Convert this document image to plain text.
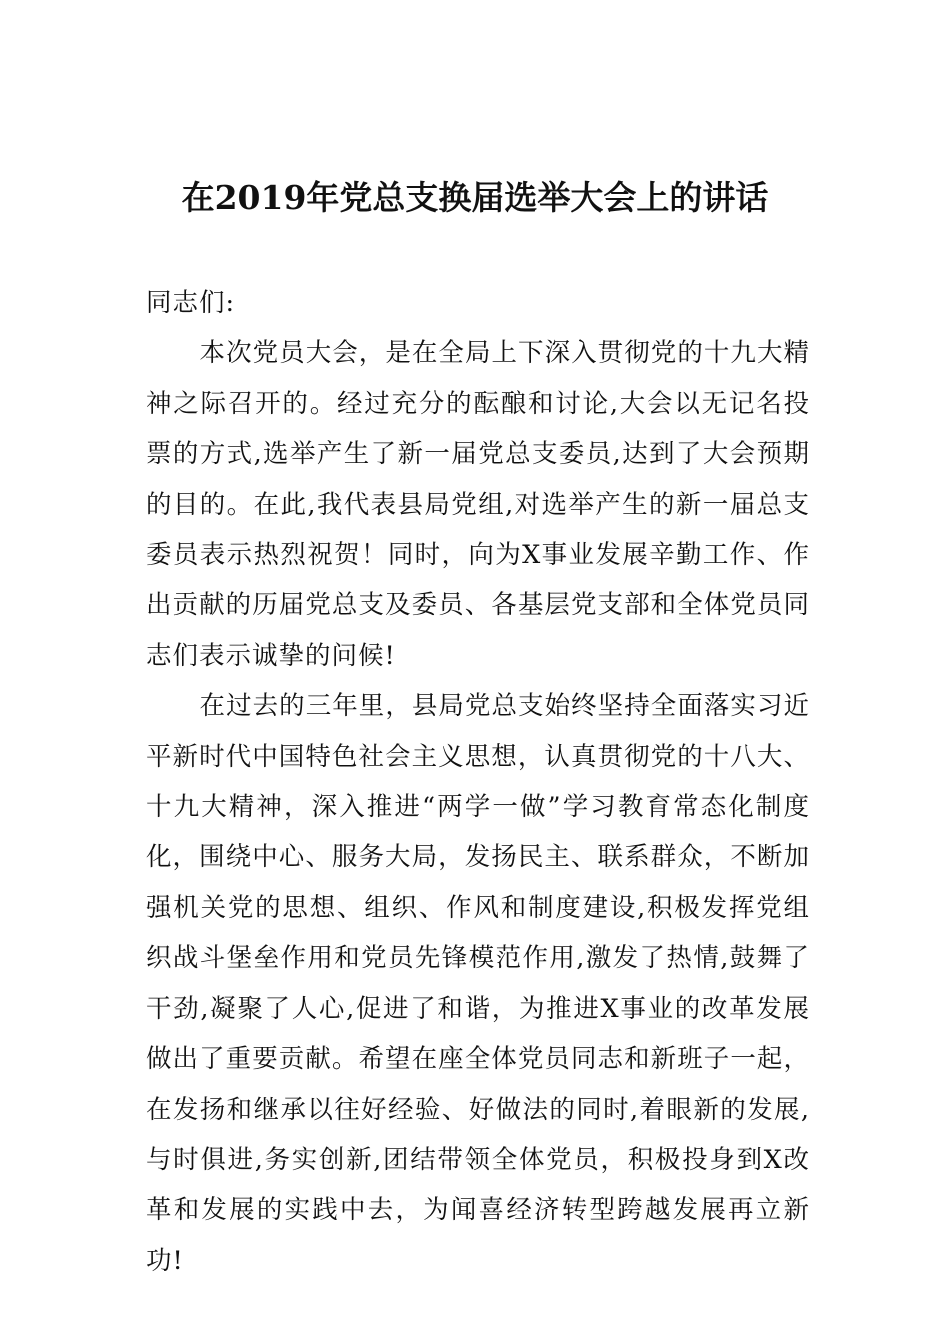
在2019年党总支换届选举大会上的讲话

同志们:

本次党员大会，是在全局上下深入贯彻党的十九大精神之际召开的。经过充分的酝酿和讨论,大会以无记名投票的方式,选举产生了新一届党总支委员,达到了大会预期的目的。在此,我代表县局党组,对选举产生的新一届总支委员表示热烈祝贺！同时，向为X事业发展辛勤工作、作出贡献的历届党总支及委员、各基层党支部和全体党员同志们表示诚挚的问候!

在过去的三年里，县局党总支始终坚持全面落实习近平新时代中国特色社会主义思想，认真贯彻党的十八大、十九大精神，深入推进“两学一做”学习教育常态化制度化，围绕中心、服务大局，发扬民主、联系群众，不断加强机关党的思想、组织、作风和制度建设,积极发挥党组织战斗堡垒作用和党员先锋模范作用,激发了热情,鼓舞了干劲,凝聚了人心,促进了和谐，为推进X事业的改革发展做出了重要贡献。希望在座全体党员同志和新班子一起，在发扬和继承以往好经验、好做法的同时,着眼新的发展,与时俱进,务实创新,团结带领全体党员，积极投身到X改革和发展的实践中去，为闻喜经济转型跨越发展再立新功!
